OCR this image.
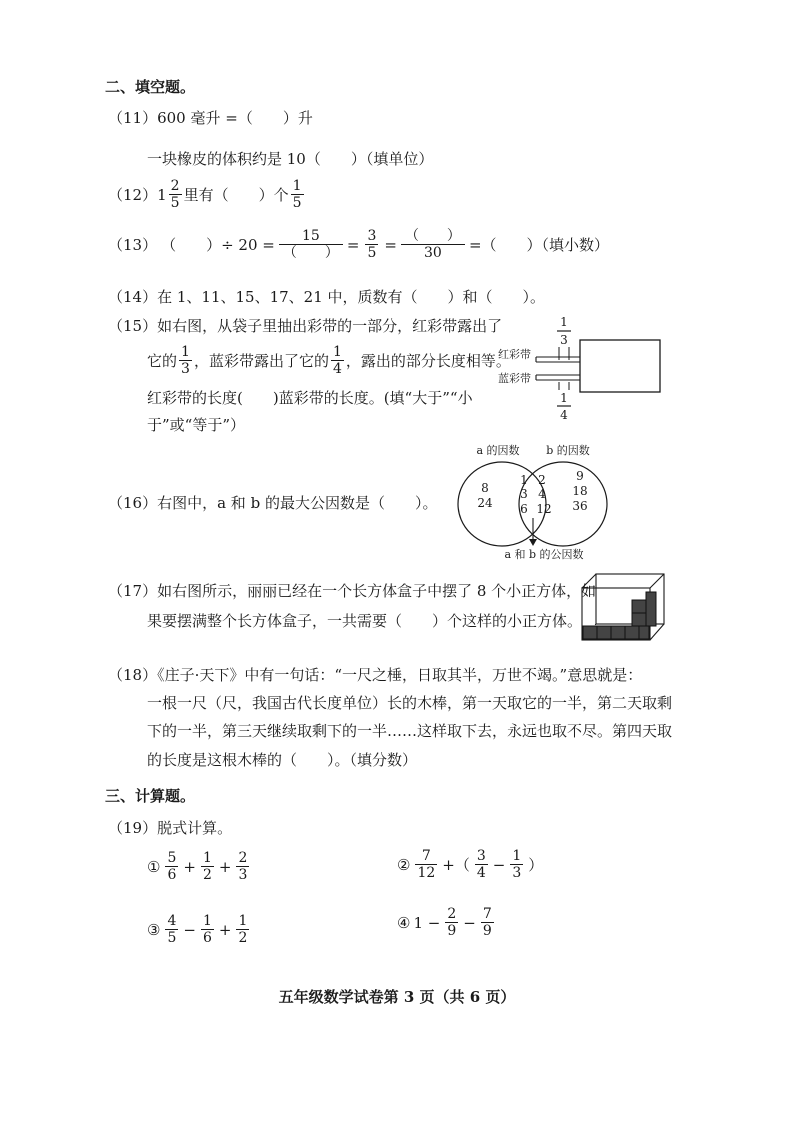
二、填空题。
（11）600 毫升 =（　　）升
一块橡皮的体积约是 10（　　）（填单位）
（12） $1 \frac{2}{5}$ 里有（　　）个 $\frac{1}{5}$
（13） （　　）÷ $20 = \frac{15}{( )} = \frac{3}{5} = \frac{( )}{30}$ =（　　）（填小数）
（14）在 1、11、15、17、21 中，质数有（　　）和（　　）。
（15）如右图，从袋子里抽出彩带的一部分，红彩带露出了
它的 $\frac{1}{3}$ ，蓝彩带露出了它的 $\frac{1}{4}$ ，露出的部分长度相等。
红彩带的长度(　　)蓝彩带的长度。(填“大于”“小
于”或“等于”）
1
3
红彩带
蓝彩带
1
4
（16）右图中，a 和 b 的最大公因数是（　　）。
a 的因数 b 的因数
8
24
1 2
3 4
6 12
9
18
36
a 和 b 的公因数
（17）如右图所示，丽丽已经在一个长方体盒子中摆了 8 个小正方体，如
果要摆满整个长方体盒子，一共需要（　　）个这样的小正方体。
（18）《庄子·天下》中有一句话：“一尺之棰，日取其半，万世不竭。”意思就是：
一根一尺（尺，我国古代长度单位）长的木棒，第一天取它的一半，第二天取剩
下的一半，第三天继续取剩下的一半……这样取下去，永远也取不尽。第四天取
的长度是这根木棒的（　　）。（填分数）
三、计算题。
（19）脱式计算。
① $\frac{5}{6} + \frac{1}{2} + \frac{2}{3}$	② $\frac{7}{12}$ +（ $\frac{3}{4} - \frac{1}{3}$ ）
③ $\frac{4}{5} - \frac{1}{6} + \frac{1}{2}$	④ $1 - \frac{2}{9} - \frac{7}{9}$
五年级数学试卷第 3 页（共 6 页）
